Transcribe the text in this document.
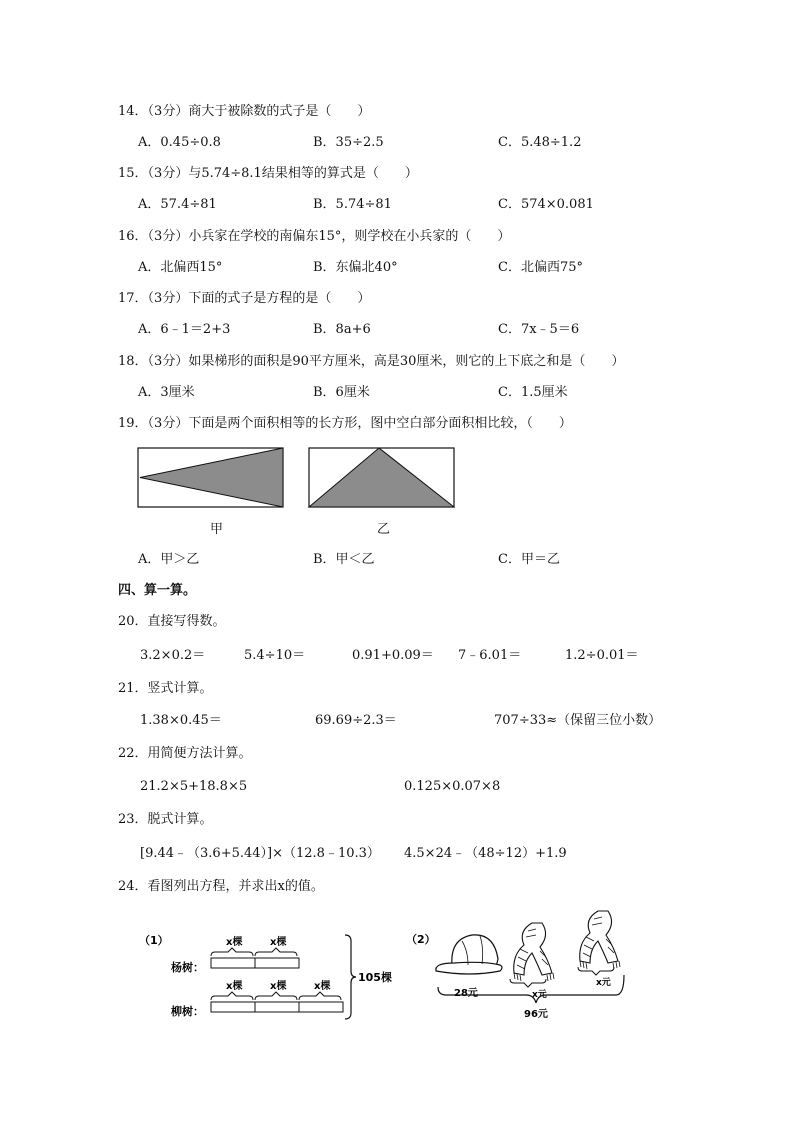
14．（3分）商大于被除数的式子是（　　）
A．0.45÷0.8	B．35÷2.5	C．5.48÷1.2
15．（3分）与5.74÷8.1结果相等的算式是（　　）
A．57.4÷81	B．5.74÷81	C．574×0.081
16．（3分）小兵家在学校的南偏东15°，则学校在小兵家的（　　）
A．北偏西15°	B．东偏北40°	C．北偏西75°
17．（3分）下面的式子是方程的是（　　）
A．6﹣1＝2+3	B．8a+6	C．7x﹣5＝6
18．（3分）如果梯形的面积是90平方厘米，高是30厘米，则它的上下底之和是（　　）
A．3厘米	B．6厘米	C．1.5厘米
19．（3分）下面是两个面积相等的长方形，图中空白部分面积相比较，（　　）
甲	乙
A．甲＞乙	B．甲＜乙	C．甲＝乙
四、算一算。
20．直接写得数。
3.2×0.2＝	5.4÷10＝	0.91+0.09＝ 7﹣6.01＝	1.2÷0.01＝
21．竖式计算。
1.38×0.45＝	69.69÷2.3＝	707÷33≈（保留三位小数）
22．用简便方法计算。
21.2×5+18.8×5	0.125×0.07×8
23．脱式计算。
[9.44﹣（3.6+5.44）]×（12.8﹣10.3） 4.5×24﹣（48÷12）+1.9
24．看图列出方程，并求出x的值。
（1）
杨树：
x棵	x棵
柳树：
x棵	x棵	x棵
105棵
（2）
x元
x元
28元
96元
